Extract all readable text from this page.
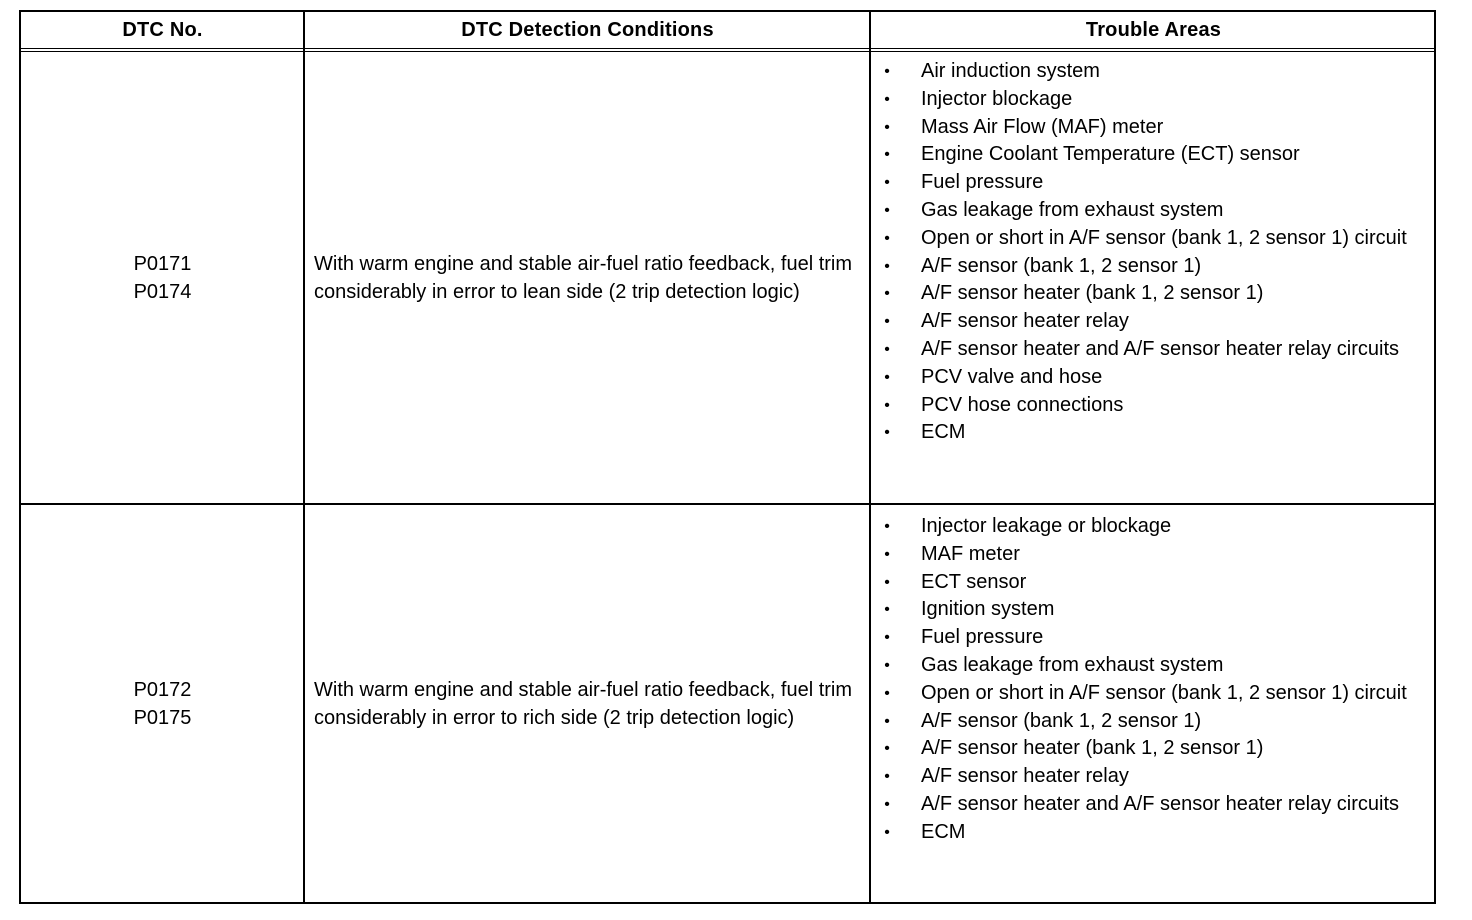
DTC No.	DTC Detection Conditions	Trouble Areas
P0171
P0174
With warm engine and stable air-fuel ratio feedback, fuel trim considerably in error to lean side (2 trip detection logic)
• Air induction system
• Injector blockage
• Mass Air Flow (MAF) meter
• Engine Coolant Temperature (ECT) sensor
• Fuel pressure
• Gas leakage from exhaust system
• Open or short in A/F sensor (bank 1, 2 sensor 1) circuit
• A/F sensor (bank 1, 2 sensor 1)
• A/F sensor heater (bank 1, 2 sensor 1)
• A/F sensor heater relay
• A/F sensor heater and A/F sensor heater relay circuits
• PCV valve and hose
• PCV hose connections
• ECM
P0172
P0175
With warm engine and stable air-fuel ratio feedback, fuel trim considerably in error to rich side (2 trip detection logic)
• Injector leakage or blockage
• MAF meter
• ECT sensor
• Ignition system
• Fuel pressure
• Gas leakage from exhaust system
• Open or short in A/F sensor (bank 1, 2 sensor 1) circuit
• A/F sensor (bank 1, 2 sensor 1)
• A/F sensor heater (bank 1, 2 sensor 1)
• A/F sensor heater relay
• A/F sensor heater and A/F sensor heater relay circuits
• ECM
